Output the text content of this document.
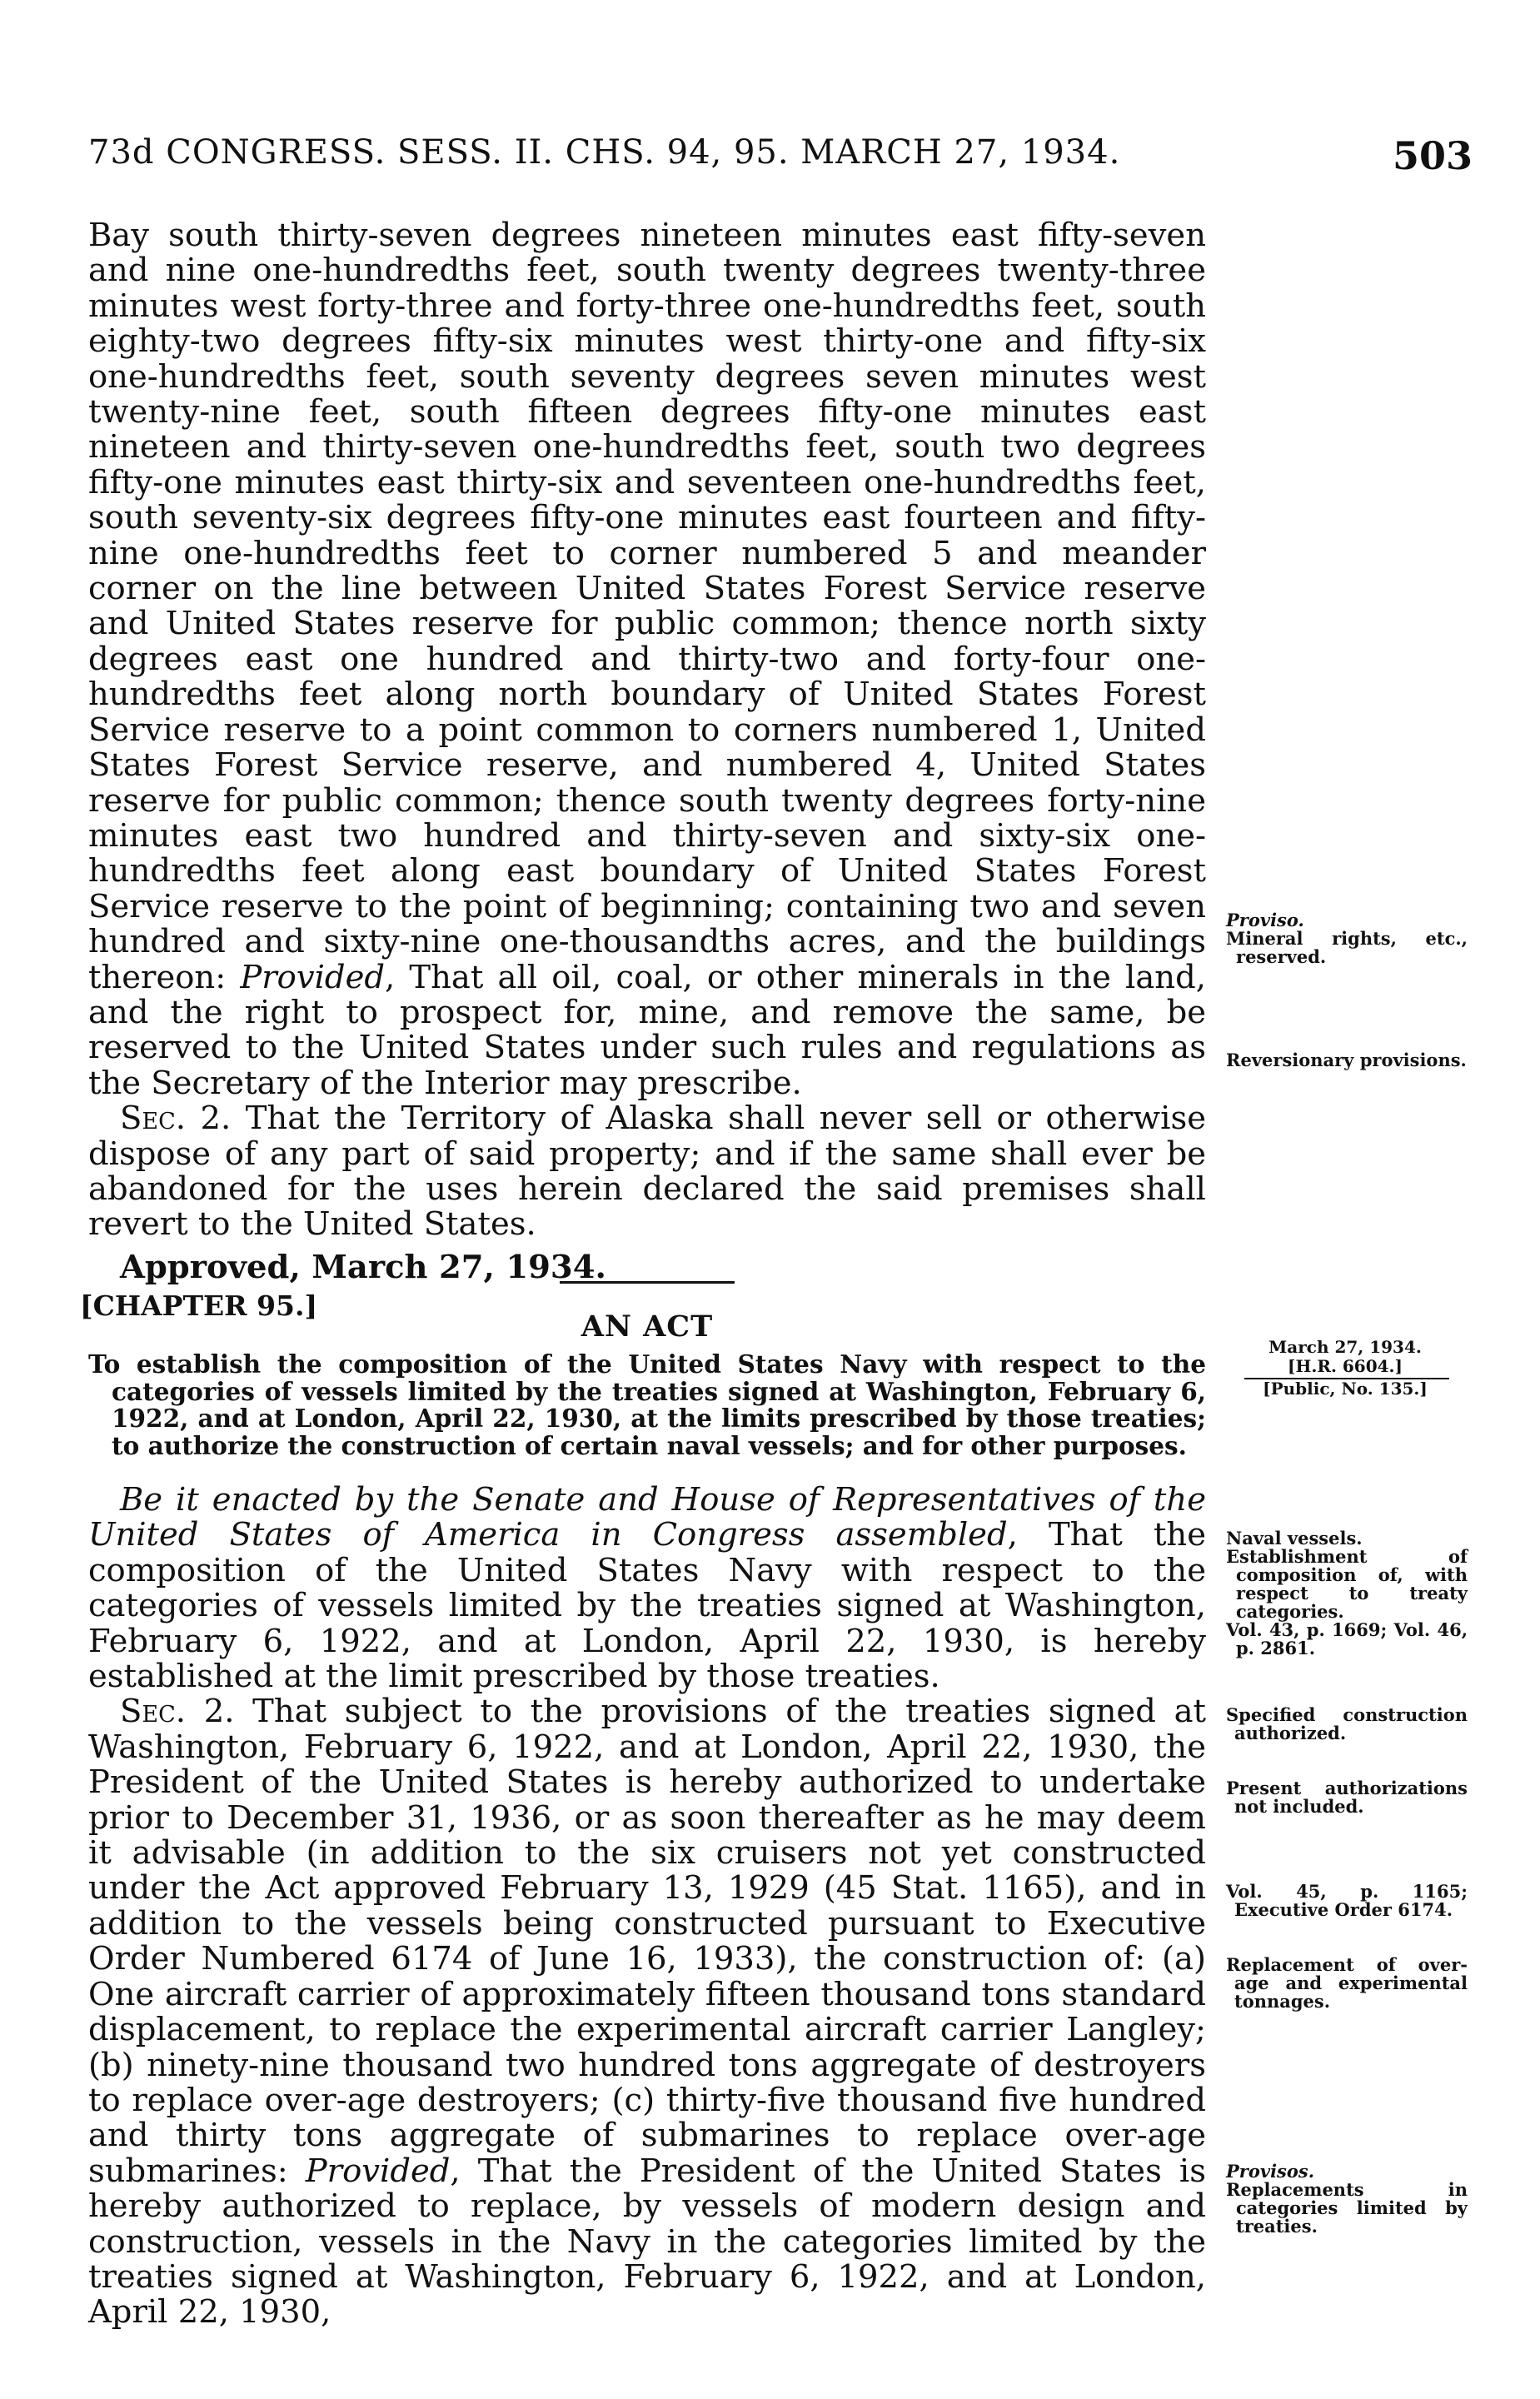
73d CONGRESS. SESS. II. CHS. 94, 95. MARCH 27, 1934.	503

Bay south thirty-seven degrees nineteen minutes east fifty-seven and nine one-hundredths feet, south twenty degrees twenty-three minutes west forty-three and forty-three one-hundredths feet, south eighty-two degrees fifty-six minutes west thirty-one and fifty-six one-hundredths feet, south seventy degrees seven minutes west twenty-nine feet, south fifteen degrees fifty-one minutes east nineteen and thirty-seven one-hundredths feet, south two degrees fifty-one minutes east thirty-six and seventeen one-hundredths feet, south seventy-six degrees fifty-one minutes east fourteen and fifty-nine one-hundredths feet to corner numbered 5 and meander corner on the line between United States Forest Service reserve and United States reserve for public common; thence north sixty degrees east one hundred and thirty-two and forty-four one-hundredths feet along north boundary of United States Forest Service reserve to a point common to corners numbered 1, United States Forest Service reserve, and numbered 4, United States reserve for public common; thence south twenty degrees forty-nine minutes east two hundred and thirty-seven and sixty-six one-hundredths feet along east boundary of United States Forest Service reserve to the point of beginning; containing two and seven hundred and sixty-nine one-thousandths acres, and the buildings thereon: Provided, That all oil, coal, or other minerals in the land, and the right to prospect for, mine, and remove the same, be reserved to the United States under such rules and regulations as the Secretary of the Interior may prescribe.

Sec. 2. That the Territory of Alaska shall never sell or otherwise dispose of any part of said property; and if the same shall ever be abandoned for the uses herein declared the said premises shall revert to the United States.

Approved, March 27, 1934.
[CHAPTER 95.]
AN ACT
To establish the composition of the United States Navy with respect to the categories of vessels limited by the treaties signed at Washington, February 6, 1922, and at London, April 22, 1930, at the limits prescribed by those treaties; to authorize the construction of certain naval vessels; and for other purposes.
March 27, 1934.
[H.R. 6604.]
[Public, No. 135.]

Be it enacted by the Senate and House of Representatives of the United States of America in Congress assembled, That the composition of the United States Navy with respect to the categories of vessels limited by the treaties signed at Washington, February 6, 1922, and at London, April 22, 1930, is hereby established at the limit prescribed by those treaties.

Sec. 2. That subject to the provisions of the treaties signed at Washington, February 6, 1922, and at London, April 22, 1930, the President of the United States is hereby authorized to undertake prior to December 31, 1936, or as soon thereafter as he may deem it advisable (in addition to the six cruisers not yet constructed under the Act approved February 13, 1929 (45 Stat. 1165), and in addition to the vessels being constructed pursuant to Executive Order Numbered 6174 of June 16, 1933), the construction of: (a) One aircraft carrier of approximately fifteen thousand tons standard displacement, to replace the experimental aircraft carrier Langley; (b) ninety-nine thousand two hundred tons aggregate of destroyers to replace over-age destroyers; (c) thirty-five thousand five hundred and thirty tons aggregate of submarines to replace over-age submarines: Provided, That the President of the United States is hereby authorized to replace, by vessels of modern design and construction, vessels in the Navy in the categories limited by the treaties signed at Washington, February 6, 1922, and at London, April 22, 1930,

Proviso.
Mineral rights, etc., reserved.
Reversionary provisions.
Naval vessels.
Establishment of composition of, with respect to treaty categories.
Vol. 43, p. 1669; Vol. 46, p. 2861.
Specified construction authorized.
Present authorizations not included.
Vol. 45, p. 1165; Executive Order 6174.
Replacement of over-age and experimental tonnages.
Provisos.
Replacements in categories limited by treaties.
